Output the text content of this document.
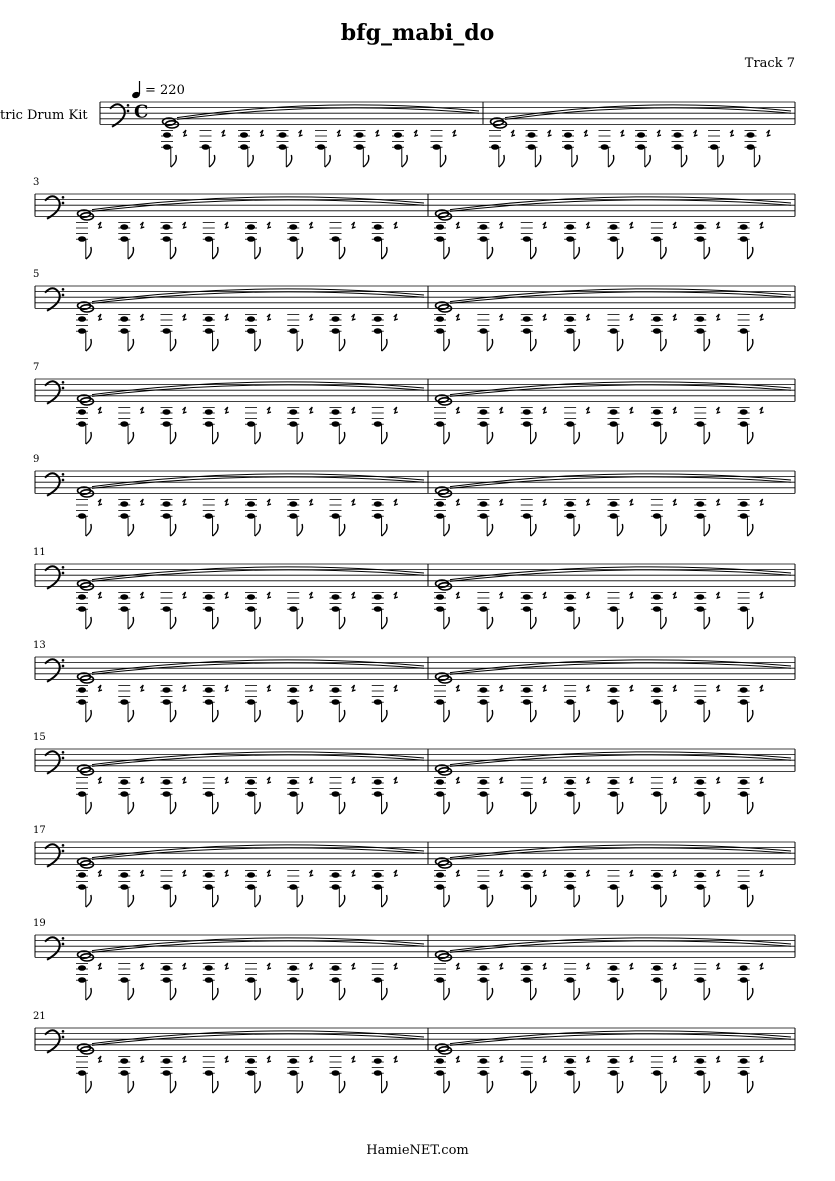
bfg_mabi_do
Track 7
= 220
tric Drum Kit
HamieNET.com
3
5
7
9
11
13
15
17
19
21
C
